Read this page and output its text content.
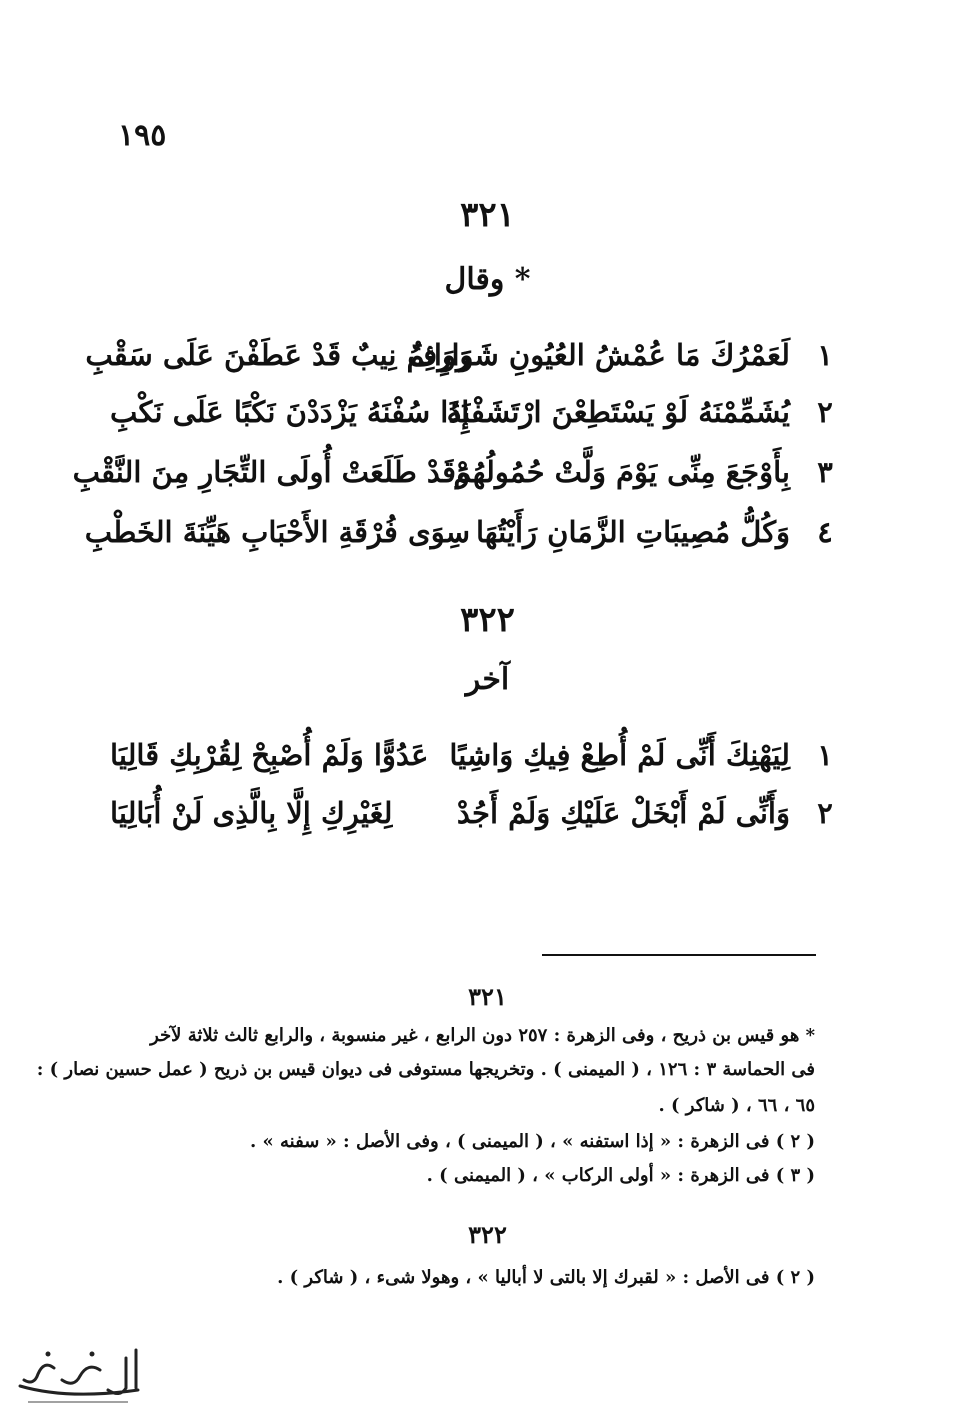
١٩٥
٣٢١
وقال *
١
لَعَمْرُكَ مَا عُمْشُ العُيُونِ شَوَارِفٌ
رَوَائِمُ نِيبٌ قَدْ عَطَفْنَ عَلَى سَقْبِ
٢
يُشَمِّمْنَهُ لَوْ يَسْتَطِعْنَ ارْتَشَفْنَهُ
إِذَا سُفْنَهُ يَزْدَدْنَ نَكْبًا عَلَى نَكْبِ
٣
بِأَوْجَعَ مِنِّى يَوْمَ وَلَّتْ حُمُولُهُمْ
وَقَدْ طَلَعَتْ أُولَى التِّجَارِ مِنَ النَّقْبِ
٤
وَكُلُّ مُصِيبَاتِ الزَّمَانِ رَأَيْتُهَا
سِوَى فُرْقَةِ الأَحْبَابِ هَيِّنَةَ الخَطْبِ
٣٢٢
آخر
١
لِيَهْنِكَ أَنِّى لَمْ أُطِعْ فِيكِ وَاشِيًا
عَدُوًّا وَلَمْ أُصْبِحْ لِقُرْبِكِ قَالِيَا
٢
وَأَنِّى لَمْ أَبْخَلْ عَلَيْكِ وَلَمْ أَجُدْ
لِغَيْرِكِ إِلَّا بِالَّذِى لَنْ أُبَالِيَا
٣٢١
* هو قيس بن ذريح ، وفى الزهرة : ٢٥٧ دون الرابع ، غير منسوبة ، والرابع ثالث ثلاثة لآخر
فى الحماسة ٣ : ١٢٦ ، ( الميمنى ) . وتخريجها مستوفى فى ديوان قيس بن ذريح ( عمل حسين نصار ) :
٦٥ ، ٦٦ ، ( شاكر ) .
( ٢ ) فى الزهرة : « إذا استفنه » ، ( الميمنى ) ، وفى الأصل : « سفنه » .
( ٣ ) فى الزهرة : « أولى الركاب » ، ( الميمنى ) .
٣٢٢
( ٢ ) فى الأصل : « لقبرك إلا بالتى لا أباليا » ، وهولا شىء ، ( شاكر ) .
